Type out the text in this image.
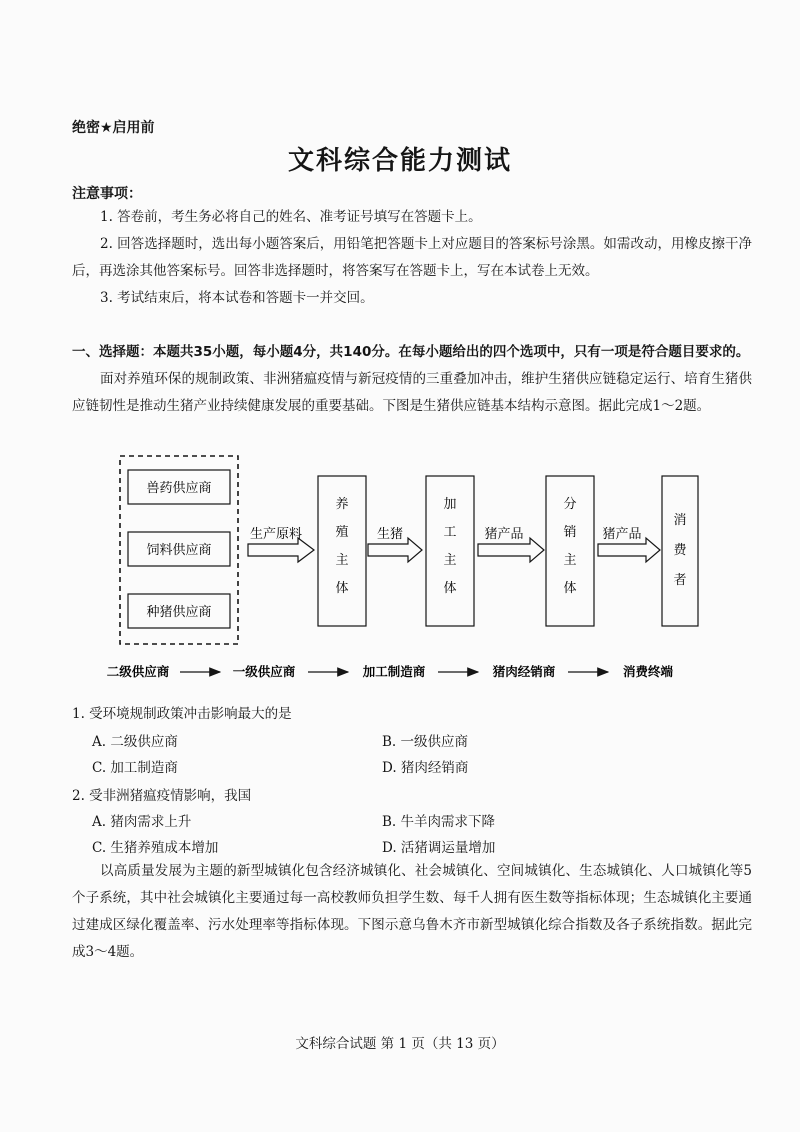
绝密★启用前
文科综合能力测试
注意事项：

1. 答卷前，考生务必将自己的姓名、准考证号填写在答题卡上。

2. 回答选择题时，选出每小题答案后，用铅笔把答题卡上对应题目的答案标号涂黑。如需改动，用橡皮擦干净后，再选涂其他答案标号。回答非选择题时，将答案写在答题卡上，写在本试卷上无效。

3. 考试结束后，将本试卷和答题卡一并交回。

一、选择题：本题共35小题，每小题4分，共140分。在每小题给出的四个选项中，只有一项是符合题目要求的。

面对养殖环保的规制政策、非洲猪瘟疫情与新冠疫情的三重叠加冲击，维护生猪供应链稳定运行、培育生猪供应链韧性是推动生猪产业持续健康发展的重要基础。下图是生猪供应链基本结构示意图。据此完成1～2题。

兽药供应商
饲料供应商
种猪供应商
生产原料	生猪	猪产品	猪产品
养殖主体
加工主体
分销主体
消费者
二级供应商	一级供应商	加工制造商	猪肉经销商	消费终端
1. 受环境规制政策冲击影响最大的是
A. 二级供应商	B. 一级供应商
C. 加工制造商	D. 猪肉经销商
2. 受非洲猪瘟疫情影响，我国
A. 猪肉需求上升	B. 牛羊肉需求下降
C. 生猪养殖成本增加	D. 活猪调运量增加

以高质量发展为主题的新型城镇化包含经济城镇化、社会城镇化、空间城镇化、生态城镇化、人口城镇化等5个子系统，其中社会城镇化主要通过每一高校教师负担学生数、每千人拥有医生数等指标体现；生态城镇化主要通过建成区绿化覆盖率、污水处理率等指标体现。下图示意乌鲁木齐市新型城镇化综合指数及各子系统指数。据此完成3～4题。

文科综合试题 第 1 页（共 13 页）
